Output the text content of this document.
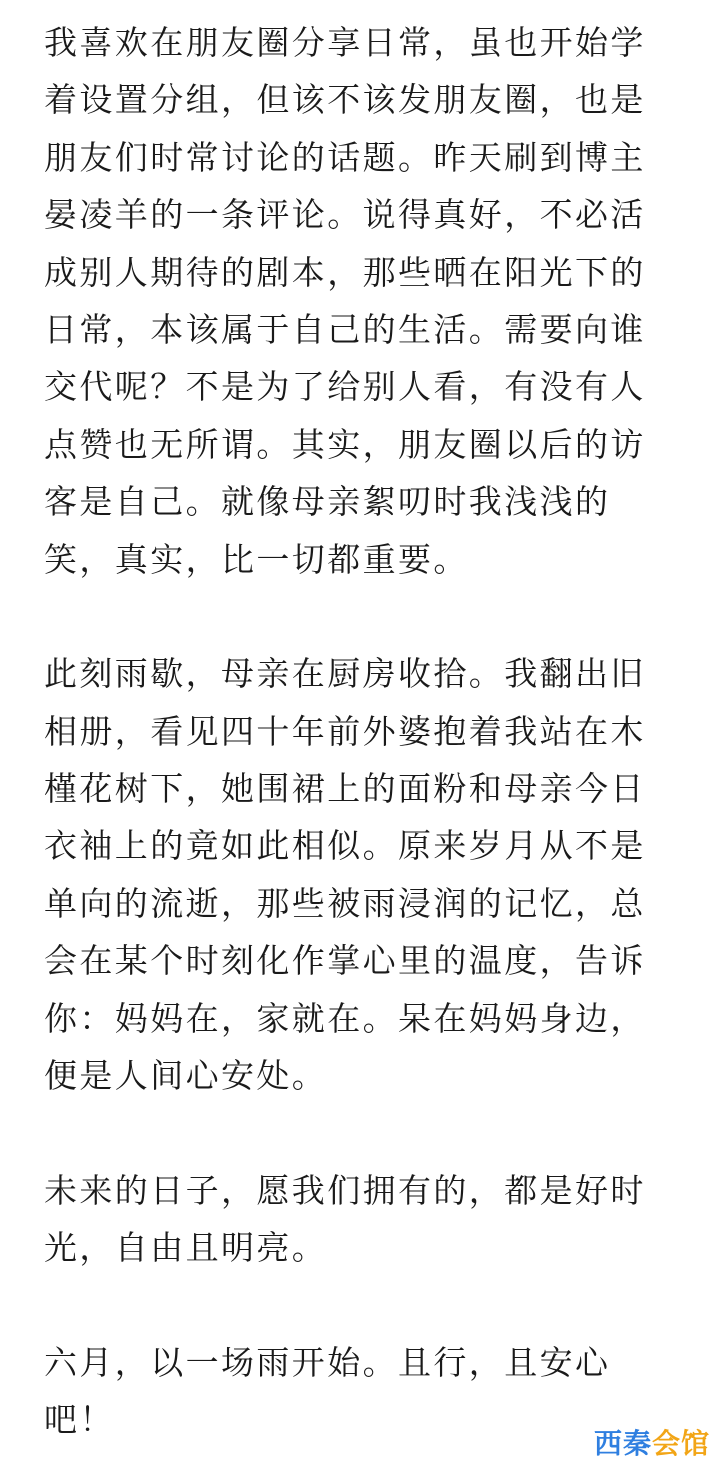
我喜欢在朋友圈分享日常，虽也开始学
着设置分组，但该不该发朋友圈，也是
朋友们时常讨论的话题。昨天刷到博主
晏凌羊的一条评论。说得真好，不必活
成别人期待的剧本，那些晒在阳光下的
日常，本该属于自己的生活。需要向谁
交代呢？不是为了给别人看，有没有人
点赞也无所谓。其实，朋友圈以后的访
客是自己。就像母亲絮叨时我浅浅的
笑，真实，比一切都重要。
此刻雨歇，母亲在厨房收拾。我翻出旧
相册，看见四十年前外婆抱着我站在木
槿花树下，她围裙上的面粉和母亲今日
衣袖上的竟如此相似。原来岁月从不是
单向的流逝，那些被雨浸润的记忆，总
会在某个时刻化作掌心里的温度，告诉
你：妈妈在，家就在。呆在妈妈身边，
便是人间心安处。
未来的日子，愿我们拥有的，都是好时
光，自由且明亮。
六月，以一场雨开始。且行，且安心
吧！
西秦会馆
